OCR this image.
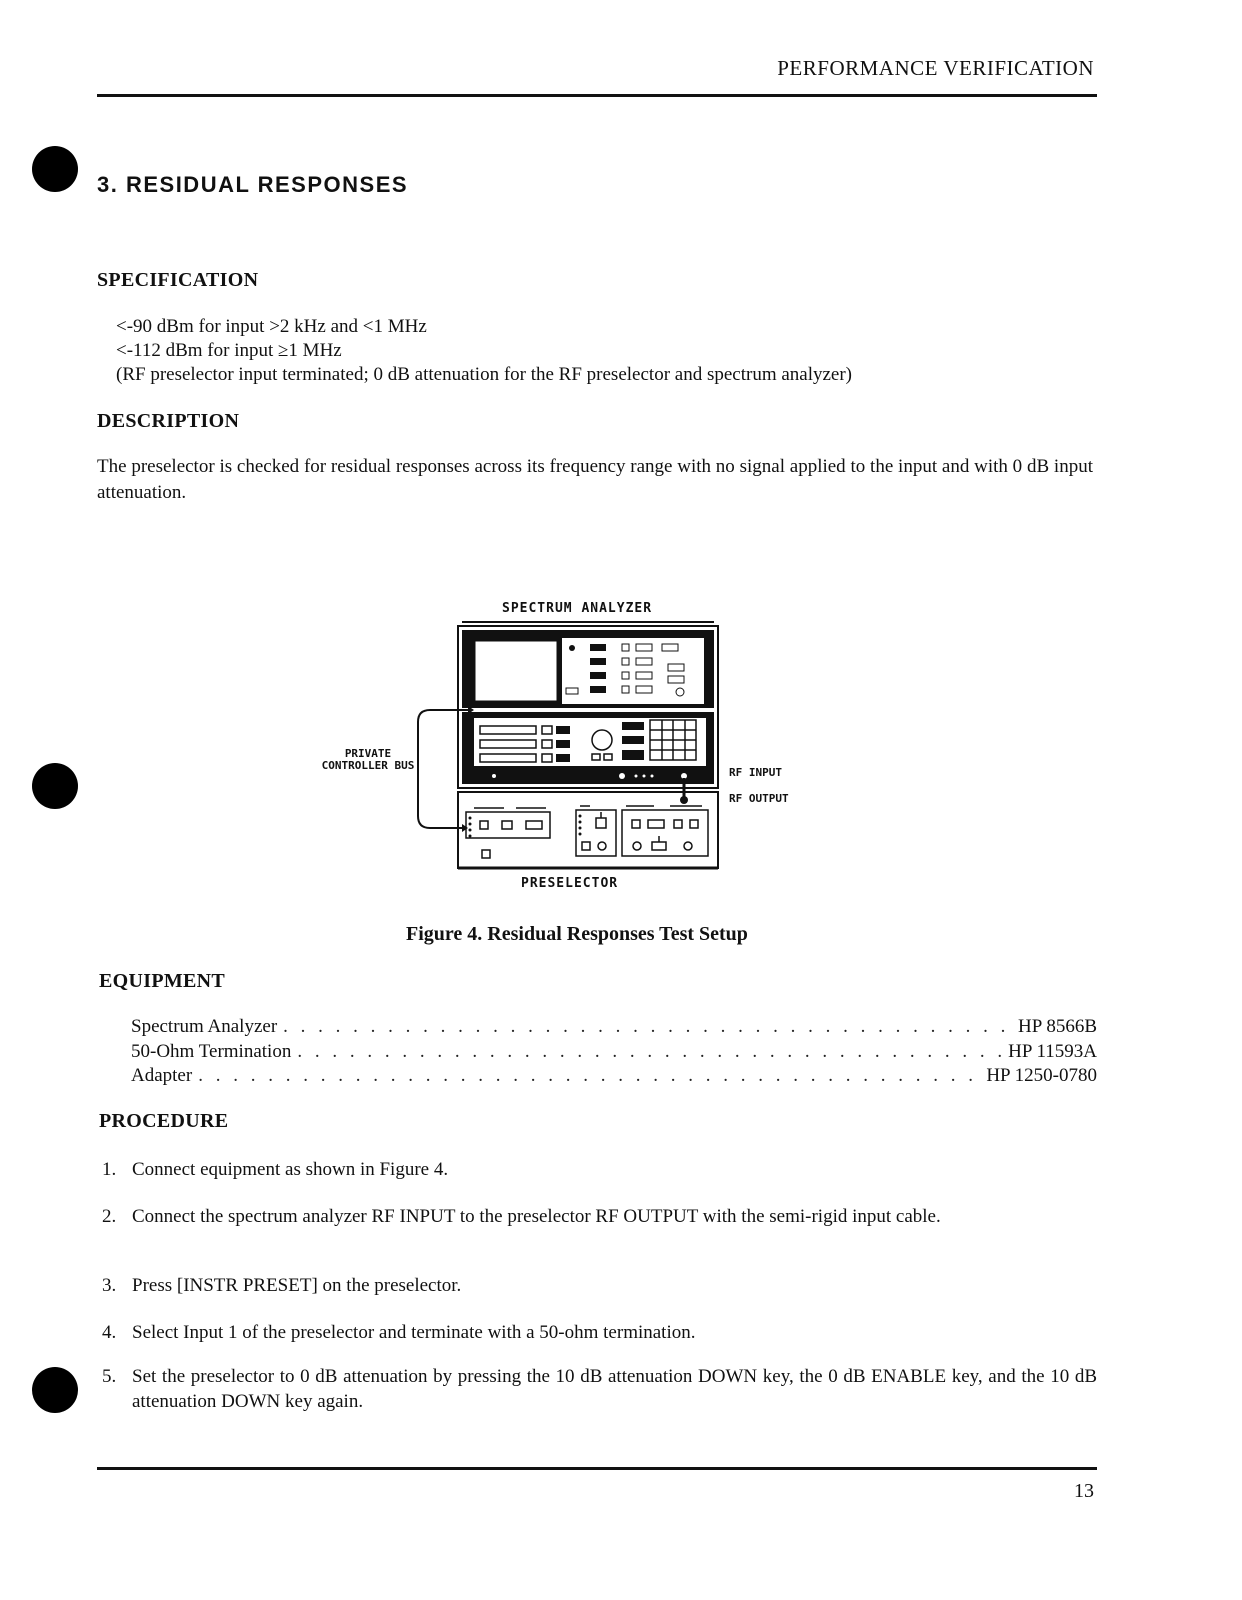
PERFORMANCE VERIFICATION
3. RESIDUAL RESPONSES
SPECIFICATION
<-90 dBm for input >2 kHz and <1 MHz
<-112 dBm for input ≥1 MHz
(RF preselector input terminated; 0 dB attenuation for the RF preselector and spectrum analyzer)
DESCRIPTION
The preselector is checked for residual responses across its frequency range with no signal applied to the input and with 0 dB input attenuation.
SPECTRUM ANALYZER
PRESELECTOR
PRIVATE CONTROLLER BUS
RF INPUT
RF OUTPUT
Figure 4. Residual Responses Test Setup
EQUIPMENT
Spectrum Analyzer . . .	HP 8566B
50-Ohm Termination . . .	HP 11593A
Adapter . . .	HP 1250-0780
PROCEDURE
1. Connect equipment as shown in Figure 4.
2. Connect the spectrum analyzer RF INPUT to the preselector RF OUTPUT with the semi-rigid input cable.
3. Press [INSTR PRESET] on the preselector.
4. Select Input 1 of the preselector and terminate with a 50-ohm termination.
5. Set the preselector to 0 dB attenuation by pressing the 10 dB attenuation DOWN key, the 0 dB ENABLE key, and the 10 dB attenuation DOWN key again.
13
